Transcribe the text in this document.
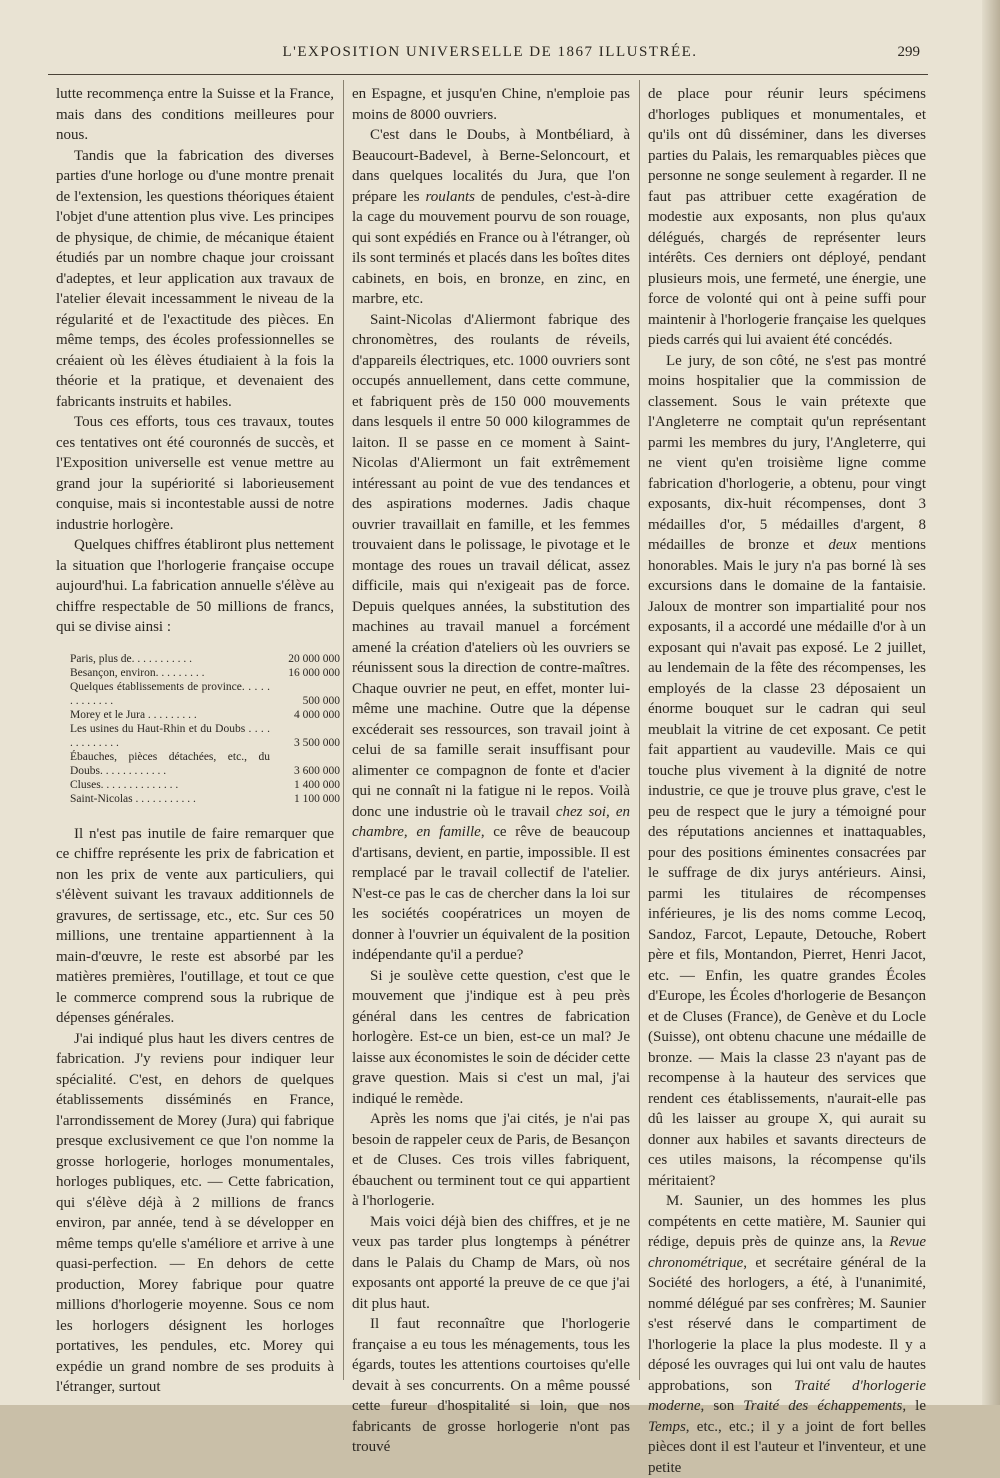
L'EXPOSITION UNIVERSELLE DE 1867 ILLUSTRÉE.	299

lutte recommença entre la Suisse et la France, mais dans des conditions meilleures pour nous.

Tandis que la fabrication des diverses parties d'une horloge ou d'une montre prenait de l'extension, les questions théoriques étaient l'objet d'une attention plus vive. Les principes de physique, de chimie, de mécanique étaient étudiés par un nombre chaque jour croissant d'adeptes, et leur application aux travaux de l'atelier élevait incessamment le niveau de la régularité et de l'exactitude des pièces. En même temps, des écoles professionnelles se créaient où les élèves étudiaient à la fois la théorie et la pratique, et devenaient des fabricants instruits et habiles.

Tous ces efforts, tous ces travaux, toutes ces tentatives ont été couronnés de succès, et l'Exposition universelle est venue mettre au grand jour la supériorité si laborieusement conquise, mais si incontestable aussi de notre industrie horlogère.

Quelques chiffres établiront plus nettement la situation que l'horlogerie française occupe aujourd'hui. La fabrication annuelle s'élève au chiffre respectable de 50 millions de francs, qui se divise ainsi :

Paris, plus de. . . . . . . . . . .	20 000 000
Besançon, environ. . . . . . . . .	16 000 000
Quelques établissements de province. . . . . . . . . . . . .	500 000
Morey et le Jura . . . . . . . . .	4 000 000
Les usines du Haut-Rhin et du Doubs . . . . . . . . . . . . .	3 500 000
Ébauches, pièces détachées, etc., du Doubs. . . . . . . . . . . .	3 600 000
Cluses. . . . . . . . . . . . . .	1 400 000
Saint-Nicolas . . . . . . . . . . .	1 100 000

Il n'est pas inutile de faire remarquer que ce chiffre représente les prix de fabrication et non les prix de vente aux particuliers, qui s'élèvent suivant les travaux additionnels de gravures, de sertissage, etc., etc. Sur ces 50 millions, une trentaine appartiennent à la main-d'œuvre, le reste est absorbé par les matières premières, l'outillage, et tout ce que le commerce comprend sous la rubrique de dépenses générales.

J'ai indiqué plus haut les divers centres de fabrication. J'y reviens pour indiquer leur spécialité. C'est, en dehors de quelques établissements disséminés en France, l'arrondissement de Morey (Jura) qui fabrique presque exclusivement ce que l'on nomme la grosse horlogerie, horloges monumentales, horloges publiques, etc. — Cette fabrication, qui s'élève déjà à 2 millions de francs environ, par année, tend à se développer en même temps qu'elle s'améliore et arrive à une quasi-perfection. — En dehors de cette production, Morey fabrique pour quatre millions d'horlogerie moyenne. Sous ce nom les horlogers désignent les horloges portatives, les pendules, etc. Morey qui expédie un grand nombre de ses produits à l'étranger, surtout

en Espagne, et jusqu'en Chine, n'emploie pas moins de 8000 ouvriers.

C'est dans le Doubs, à Montbéliard, à Beaucourt-Badevel, à Berne-Seloncourt, et dans quelques localités du Jura, que l'on prépare les roulants de pendules, c'est-à-dire la cage du mouvement pourvu de son rouage, qui sont expédiés en France ou à l'étranger, où ils sont terminés et placés dans les boîtes dites cabinets, en bois, en bronze, en zinc, en marbre, etc.

Saint-Nicolas d'Aliermont fabrique des chronomètres, des roulants de réveils, d'appareils électriques, etc. 1000 ouvriers sont occupés annuellement, dans cette commune, et fabriquent près de 150 000 mouvements dans lesquels il entre 50 000 kilogrammes de laiton. Il se passe en ce moment à Saint-Nicolas d'Aliermont un fait extrêmement intéressant au point de vue des tendances et des aspirations modernes. Jadis chaque ouvrier travaillait en famille, et les femmes trouvaient dans le polissage, le pivotage et le montage des roues un travail délicat, assez difficile, mais qui n'exigeait pas de force. Depuis quelques années, la substitution des machines au travail manuel a forcément amené la création d'ateliers où les ouvriers se réunissent sous la direction de contre-maîtres. Chaque ouvrier ne peut, en effet, monter lui-même une machine. Outre que la dépense excéderait ses ressources, son travail joint à celui de sa famille serait insuffisant pour alimenter ce compagnon de fonte et d'acier qui ne connaît ni la fatigue ni le repos. Voilà donc une industrie où le travail chez soi, en chambre, en famille, ce rêve de beaucoup d'artisans, devient, en partie, impossible. Il est remplacé par le travail collectif de l'atelier. N'est-ce pas le cas de chercher dans la loi sur les sociétés coopératrices un moyen de donner à l'ouvrier un équivalent de la position indépendante qu'il a perdue?

Si je soulève cette question, c'est que le mouvement que j'indique est à peu près général dans les centres de fabrication horlogère. Est-ce un bien, est-ce un mal? Je laisse aux économistes le soin de décider cette grave question. Mais si c'est un mal, j'ai indiqué le remède.

Après les noms que j'ai cités, je n'ai pas besoin de rappeler ceux de Paris, de Besançon et de Cluses. Ces trois villes fabriquent, ébauchent ou terminent tout ce qui appartient à l'horlogerie.

Mais voici déjà bien des chiffres, et je ne veux pas tarder plus longtemps à pénétrer dans le Palais du Champ de Mars, où nos exposants ont apporté la preuve de ce que j'ai dit plus haut.

Il faut reconnaître que l'horlogerie française a eu tous les ménagements, tous les égards, toutes les attentions courtoises qu'elle devait à ses concurrents. On a même poussé cette fureur d'hospitalité si loin, que nos fabricants de grosse horlogerie n'ont pas trouvé

de place pour réunir leurs spécimens d'horloges publiques et monumentales, et qu'ils ont dû disséminer, dans les diverses parties du Palais, les remarquables pièces que personne ne songe seulement à regarder. Il ne faut pas attribuer cette exagération de modestie aux exposants, non plus qu'aux délégués, chargés de représenter leurs intérêts. Ces derniers ont déployé, pendant plusieurs mois, une fermeté, une énergie, une force de volonté qui ont à peine suffi pour maintenir à l'horlogerie française les quelques pieds carrés qui lui avaient été concédés.

Le jury, de son côté, ne s'est pas montré moins hospitalier que la commission de classement. Sous le vain prétexte que l'Angleterre ne comptait qu'un représentant parmi les membres du jury, l'Angleterre, qui ne vient qu'en troisième ligne comme fabrication d'horlogerie, a obtenu, pour vingt exposants, dix-huit récompenses, dont 3 médailles d'or, 5 médailles d'argent, 8 médailles de bronze et deux mentions honorables. Mais le jury n'a pas borné là ses excursions dans le domaine de la fantaisie. Jaloux de montrer son impartialité pour nos exposants, il a accordé une médaille d'or à un exposant qui n'avait pas exposé. Le 2 juillet, au lendemain de la fête des récompenses, les employés de la classe 23 déposaient un énorme bouquet sur le cadran qui seul meublait la vitrine de cet exposant. Ce petit fait appartient au vaudeville. Mais ce qui touche plus vivement à la dignité de notre industrie, ce que je trouve plus grave, c'est le peu de respect que le jury a témoigné pour des réputations anciennes et inattaquables, pour des positions éminentes consacrées par le suffrage de dix jurys antérieurs. Ainsi, parmi les titulaires de récompenses inférieures, je lis des noms comme Lecoq, Sandoz, Farcot, Lepaute, Detouche, Robert père et fils, Montandon, Pierret, Henri Jacot, etc. — Enfin, les quatre grandes Écoles d'Europe, les Écoles d'horlogerie de Besançon et de Cluses (France), de Genève et du Locle (Suisse), ont obtenu chacune une médaille de bronze. — Mais la classe 23 n'ayant pas de recompense à la hauteur des services que rendent ces établissements, n'aurait-elle pas dû les laisser au groupe X, qui aurait su donner aux habiles et savants directeurs de ces utiles maisons, la récompense qu'ils méritaient?

M. Saunier, un des hommes les plus compétents en cette matière, M. Saunier qui rédige, depuis près de quinze ans, la Revue chronométrique, et secrétaire général de la Société des horlogers, a été, à l'unanimité, nommé délégué par ses confrères; M. Saunier s'est réservé dans le compartiment de l'horlogerie la place la plus modeste. Il y a déposé les ouvrages qui lui ont valu de hautes approbations, son Traité d'horlogerie moderne, son Traité des échappements, le Temps, etc., etc.; il y a joint de fort belles pièces dont il est l'auteur et l'inventeur, et une petite
